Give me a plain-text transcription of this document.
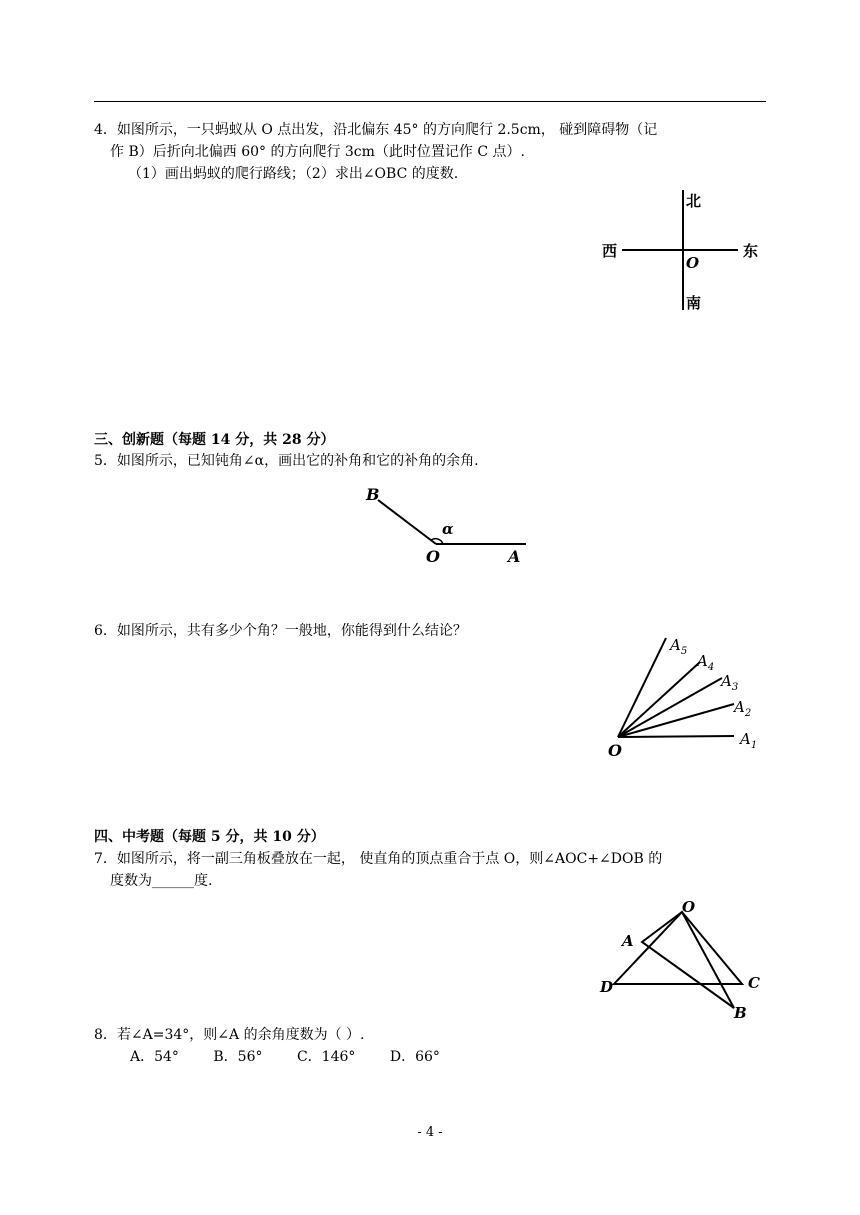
4．如图所示，一只蚂蚁从 O 点出发，沿北偏东 45° 的方向爬行 2.5cm， 碰到障碍物（记
作 B）后折向北偏西 60° 的方向爬行 3cm（此时位置记作 C 点）.
（1）画出蚂蚁的爬行路线；（2）求出∠OBC 的度数.
北
南
西	东
O
三、创新题（每题 14 分，共 28 分）
5．如图所示，已知钝角∠α，画出它的补角和它的补角的余角.
B
α
O	A
6．如图所示，共有多少个角？一般地，你能得到什么结论？
O
$A_5$
$A_4$
$A_3$
$A_2$
$A_1$
四、中考题（每题 5 分，共 10 分）
7．如图所示，将一副三角板叠放在一起， 使直角的顶点重合于点 O，则∠AOC+∠DOB 的
度数为______度.
O
A
D	C
B
8．若∠A=34°，则∠A 的余角度数为（ ）.
A．54° B．56° C．146° D．66°
- 4 -
